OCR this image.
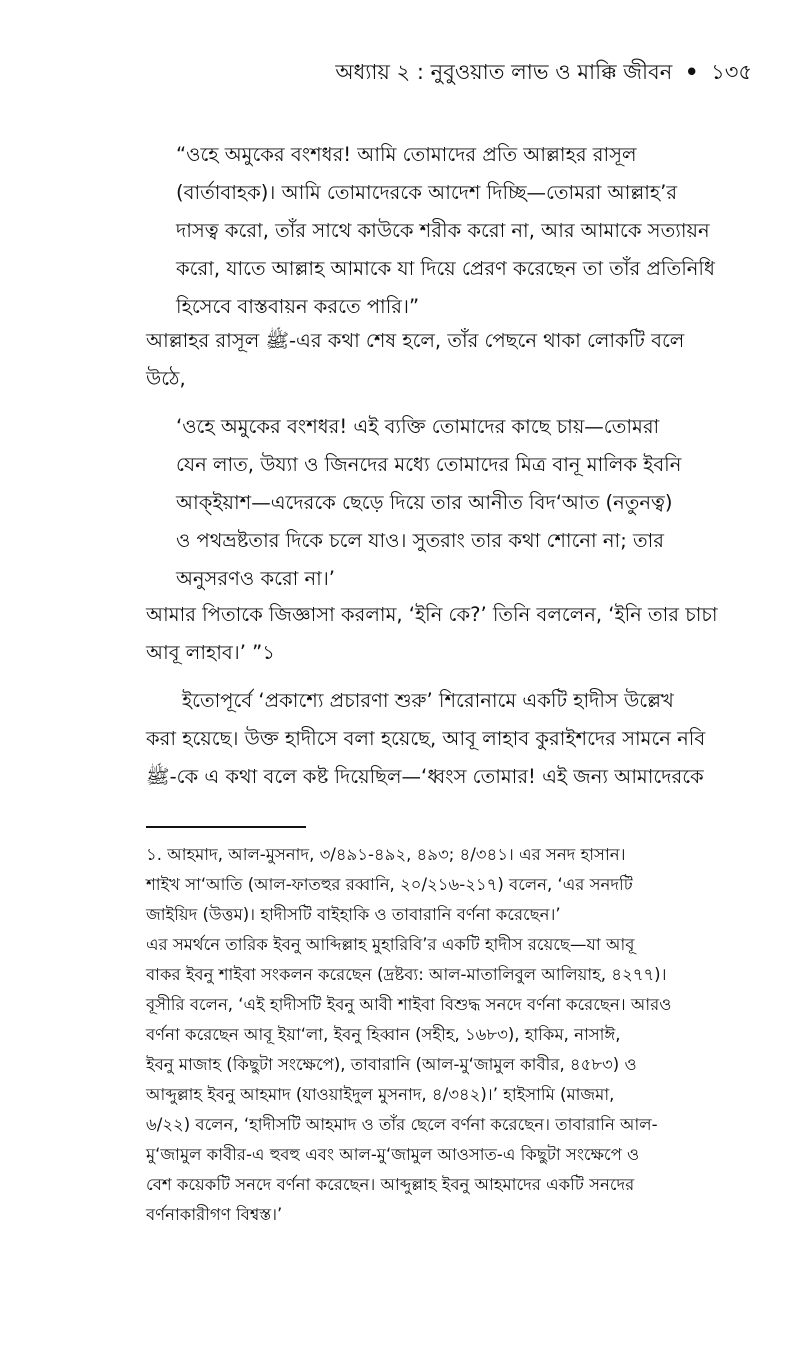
অধ্যায় ২ : নুবুওয়াত লাভ ও মাক্কি জীবন • ১৩৫

“ওহে অমুকের বংশধর! আমি তোমাদের প্রতি আল্লাহর রাসূল

(বার্তাবাহক)। আমি তোমাদেরকে আদেশ দিচ্ছি—তোমরা আল্লাহ’র

দাসত্ব করো, তাঁর সাথে কাউকে শরীক করো না, আর আমাকে সত্যায়ন

করো, যাতে আল্লাহ আমাকে যা দিয়ে প্রেরণ করেছেন তা তাঁর প্রতিনিধি

হিসেবে বাস্তবায়ন করতে পারি।”

আল্লাহর রাসূল ﷺ-এর কথা শেষ হলে, তাঁর পেছনে থাকা লোকটি বলে

উঠে,

‘ওহে অমুকের বংশধর! এই ব্যক্তি তোমাদের কাছে চায়—তোমরা

যেন লাত, উয্যা ও জিনদের মধ্যে তোমাদের মিত্র বানূ মালিক ইবনি

আক্ইয়াশ—এদেরকে ছেড়ে দিয়ে তার আনীত বিদ‘আত (নতুনত্ব)

ও পথভ্রষ্টতার দিকে চলে যাও। সুতরাং তার কথা শোনো না; তার

অনুসরণও করো না।’

আমার পিতাকে জিজ্ঞাসা করলাম, ‘ইনি কে?’ তিনি বললেন, ‘ইনি তার চাচা

আবূ লাহাব।’ ”১

ইতোপূর্বে ‘প্রকাশ্যে প্রচারণা শুরু’ শিরোনামে একটি হাদীস উল্লেখ

করা হয়েছে। উক্ত হাদীসে বলা হয়েছে, আবূ লাহাব কুরাইশদের সামনে নবি

ﷺ-কে এ কথা বলে কষ্ট দিয়েছিল—‘ধ্বংস তোমার! এই জন্য আমাদেরকে

১. আহমাদ, আল-মুসনাদ, ৩/৪৯১-৪৯২, ৪৯৩; ৪/৩৪১। এর সনদ হাসান।

শাইখ সা‘আতি (আল-ফাতহুর রব্বানি, ২০/২১৬-২১৭) বলেন, ‘এর সনদটি

জাইয়িদ (উত্তম)। হাদীসটি বাইহাকি ও তাবারানি বর্ণনা করেছেন।’

এর সমর্থনে তারিক ইবনু আব্দিল্লাহ মুহারিবি’র একটি হাদীস রয়েছে—যা আবূ

বাকর ইবনু শাইবা সংকলন করেছেন (দ্রষ্টব্য: আল-মাতালিবুল আলিয়াহ, ৪২৭৭)।

বূসীরি বলেন, ‘এই হাদীসটি ইবনু আবী শাইবা বিশুদ্ধ সনদে বর্ণনা করেছেন। আরও

বর্ণনা করেছেন আবূ ইয়া‘লা, ইবনু হিব্বান (সহীহ, ১৬৮৩), হাকিম, নাসাঈ,

ইবনু মাজাহ (কিছুটা সংক্ষেপে), তাবারানি (আল-মু‘জামুল কাবীর, ৪৫৮৩) ও

আব্দুল্লাহ ইবনু আহমাদ (যাওয়াইদুল মুসনাদ, ৪/৩৪২)।’ হাইসামি (মাজমা,

৬/২২) বলেন, ‘হাদীসটি আহমাদ ও তাঁর ছেলে বর্ণনা করেছেন। তাবারানি আল-

মু‘জামুল কাবীর-এ হুবহু এবং আল-মু‘জামুল আওসাত-এ কিছুটা সংক্ষেপে ও

বেশ কয়েকটি সনদে বর্ণনা করেছেন। আব্দুল্লাহ ইবনু আহমাদের একটি সনদের

বর্ণনাকারীগণ বিশ্বস্ত।’
